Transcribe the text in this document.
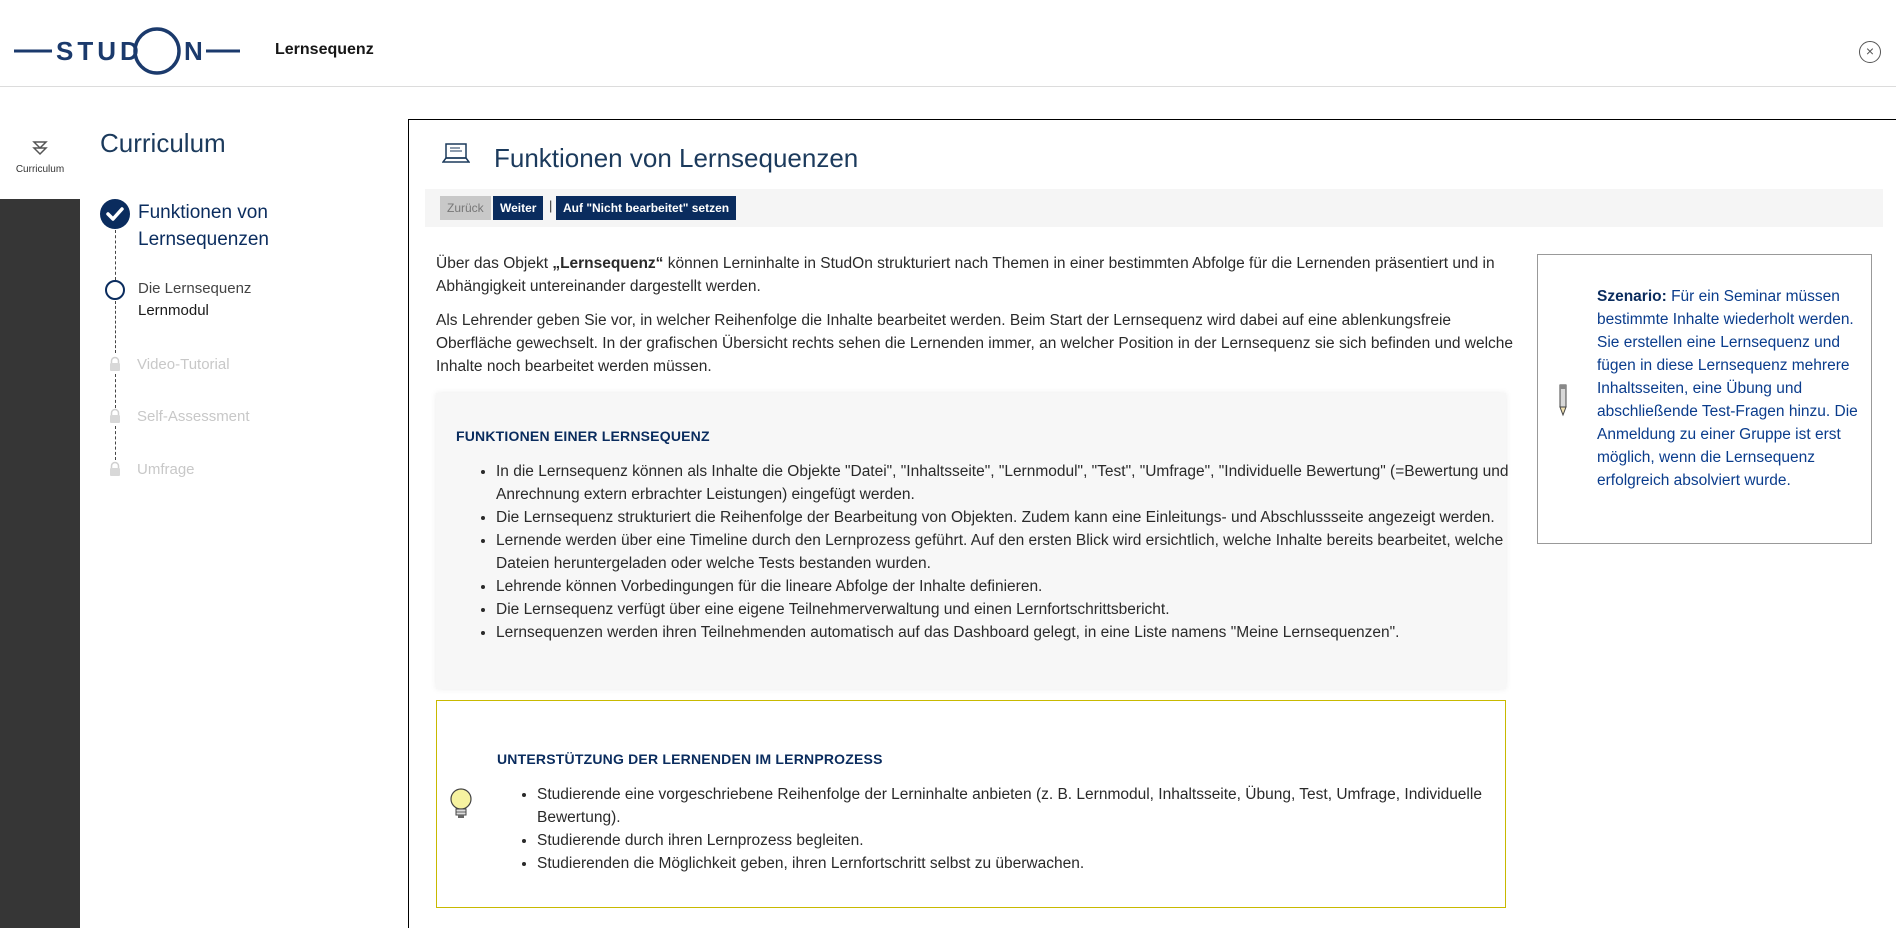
STUD N	Lernsequenz	×
Curriculum
Curriculum
Funktionen von
Lernsequenzen
Die Lernsequenz
Lernmodul
Video-Tutorial
Self-Assessment
Umfrage
Funktionen von Lernsequenzen
Zurück	Weiter | Auf "Nicht bearbeitet" setzen
Über das Objekt „Lernsequenz“ können Lerninhalte in StudOn strukturiert nach Themen in einer bestimmten Abfolge für die Lernenden präsentiert und in Abhängigkeit untereinander dargestellt werden.
Als Lehrender geben Sie vor, in welcher Reihenfolge die Inhalte bearbeitet werden. Beim Start der Lernsequenz wird dabei auf eine ablenkungsfreie Oberfläche gewechselt. In der grafischen Übersicht rechts sehen die Lernenden immer, an welcher Position in der Lernsequenz sie sich befinden und welche Inhalte noch bearbeitet werden müssen.
FUNKTIONEN EINER LERNSEQUENZ
• In die Lernsequenz können als Inhalte die Objekte "Datei", "Inhaltsseite", "Lernmodul", "Test", "Umfrage", "Individuelle Bewertung" (=Bewertung und Anrechnung extern erbrachter Leistungen) eingefügt werden.
• Die Lernsequenz strukturiert die Reihenfolge der Bearbeitung von Objekten. Zudem kann eine Einleitungs- und Abschlussseite angezeigt werden.
• Lernende werden über eine Timeline durch den Lernprozess geführt. Auf den ersten Blick wird ersichtlich, welche Inhalte bereits bearbeitet, welche Dateien heruntergeladen oder welche Tests bestanden wurden.
• Lehrende können Vorbedingungen für die lineare Abfolge der Inhalte definieren.
• Die Lernsequenz verfügt über eine eigene Teilnehmerverwaltung und einen Lernfortschrittsbericht.
• Lernsequenzen werden ihren Teilnehmenden automatisch auf das Dashboard gelegt, in eine Liste namens "Meine Lernsequenzen".
UNTERSTÜTZUNG DER LERNENDEN IM LERNPROZESS
• Studierende eine vorgeschriebene Reihenfolge der Lerninhalte anbieten (z. B. Lernmodul, Inhaltsseite, Übung, Test, Umfrage, Individuelle Bewertung).
• Studierende durch ihren Lernprozess begleiten.
• Studierenden die Möglichkeit geben, ihren Lernfortschritt selbst zu überwachen.
Szenario: Für ein Seminar müssen bestimmte Inhalte wiederholt werden. Sie erstellen eine Lernsequenz und fügen in diese Lernsequenz mehrere Inhaltsseiten, eine Übung und abschließende Test-Fragen hinzu. Die Anmeldung zu einer Gruppe ist erst möglich, wenn die Lernsequenz erfolgreich absolviert wurde.
